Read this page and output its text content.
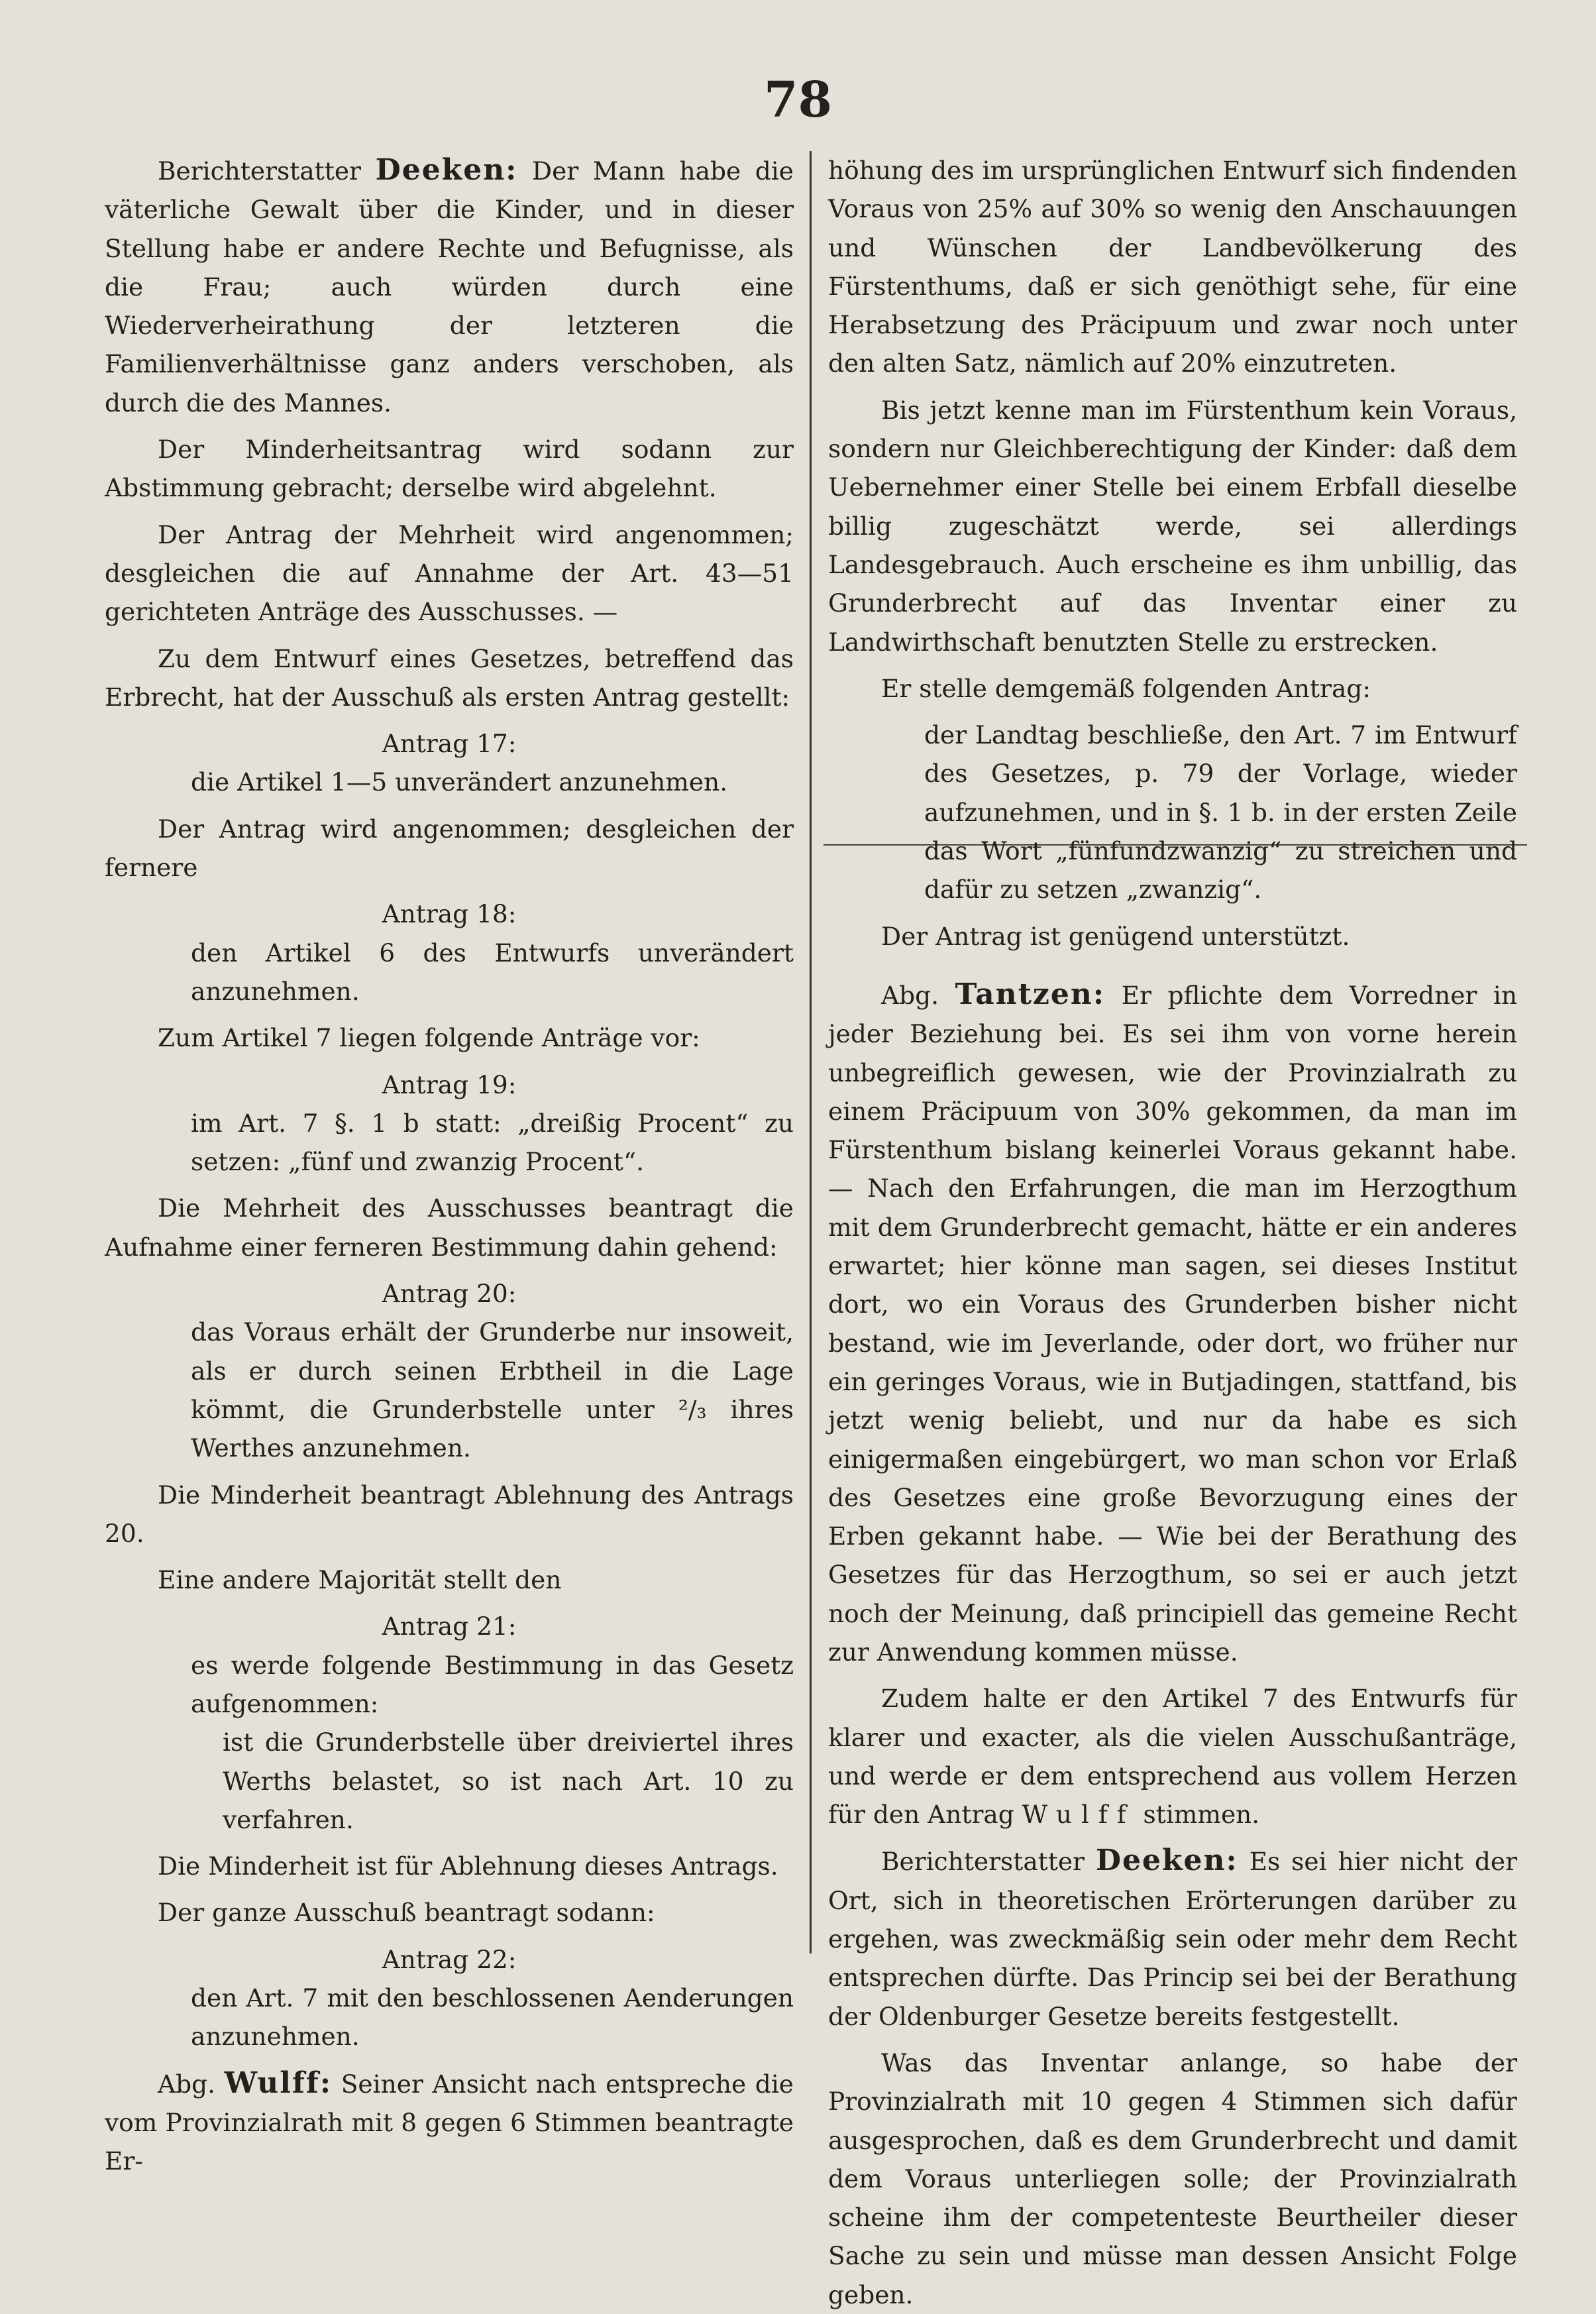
78

Berichterstatter Deeken: Der Mann habe die väterliche Gewalt über die Kinder, und in dieser Stellung habe er andere Rechte und Befugnisse, als die Frau; auch würden durch eine Wiederverheirathung der letzteren die Familienverhältnisse ganz anders verschoben, als durch die des Mannes.

Der Minderheitsantrag wird sodann zur Abstimmung gebracht; derselbe wird abgelehnt.

Der Antrag der Mehrheit wird angenommen; desgleichen die auf Annahme der Art. 43—51 gerichteten Anträge des Ausschusses. —

Zu dem Entwurf eines Gesetzes, betreffend das Erbrecht, hat der Ausschuß als ersten Antrag gestellt:

Antrag 17:

die Artikel 1—5 unverändert anzunehmen.

Der Antrag wird angenommen; desgleichen der fernere

Antrag 18:

den Artikel 6 des Entwurfs unverändert anzunehmen.

Zum Artikel 7 liegen folgende Anträge vor:

Antrag 19:

im Art. 7 §. 1 b statt: „dreißig Procent“ zu setzen: „fünf und zwanzig Procent“.

Die Mehrheit des Ausschusses beantragt die Aufnahme einer ferneren Bestimmung dahin gehend:

Antrag 20:

das Voraus erhält der Grunderbe nur insoweit, als er durch seinen Erbtheil in die Lage kömmt, die Grunderbstelle unter ²/₃ ihres Werthes anzunehmen.

Die Minderheit beantragt Ablehnung des Antrags 20.

Eine andere Majorität stellt den

Antrag 21:

es werde folgende Bestimmung in das Gesetz aufgenommen:

ist die Grunderbstelle über dreiviertel ihres Werths belastet, so ist nach Art. 10 zu verfahren.

Die Minderheit ist für Ablehnung dieses Antrags.

Der ganze Ausschuß beantragt sodann:

Antrag 22:

den Art. 7 mit den beschlossenen Aenderungen anzunehmen.

Abg. Wulff: Seiner Ansicht nach entspreche die vom Provinzialrath mit 8 gegen 6 Stimmen beantragte Er-

höhung des im ursprünglichen Entwurf sich findenden Voraus von 25% auf 30% so wenig den Anschauungen und Wünschen der Landbevölkerung des Fürstenthums, daß er sich genöthigt sehe, für eine Herabsetzung des Präcipuum und zwar noch unter den alten Satz, nämlich auf 20% einzutreten.

Bis jetzt kenne man im Fürstenthum kein Voraus, sondern nur Gleichberechtigung der Kinder: daß dem Uebernehmer einer Stelle bei einem Erbfall dieselbe billig zugeschätzt werde, sei allerdings Landesgebrauch. Auch erscheine es ihm unbillig, das Grunderbrecht auf das Inventar einer zu Landwirthschaft benutzten Stelle zu erstrecken.

Er stelle demgemäß folgenden Antrag:

der Landtag beschließe, den Art. 7 im Entwurf des Gesetzes, p. 79 der Vorlage, wieder aufzunehmen, und in §. 1 b. in der ersten Zeile das Wort „fünfundzwanzig“ zu streichen und dafür zu setzen „zwanzig“.

Der Antrag ist genügend unterstützt.

Abg. Tantzen: Er pflichte dem Vorredner in jeder Beziehung bei. Es sei ihm von vorne herein unbegreiflich gewesen, wie der Provinzialrath zu einem Präcipuum von 30% gekommen, da man im Fürstenthum bislang keinerlei Voraus gekannt habe. — Nach den Erfahrungen, die man im Herzogthum mit dem Grunderbrecht gemacht, hätte er ein anderes erwartet; hier könne man sagen, sei dieses Institut dort, wo ein Voraus des Grunderben bisher nicht bestand, wie im Jeverlande, oder dort, wo früher nur ein geringes Voraus, wie in Butjadingen, stattfand, bis jetzt wenig beliebt, und nur da habe es sich einigermaßen eingebürgert, wo man schon vor Erlaß des Gesetzes eine große Bevorzugung eines der Erben gekannt habe. — Wie bei der Berathung des Gesetzes für das Herzogthum, so sei er auch jetzt noch der Meinung, daß principiell das gemeine Recht zur Anwendung kommen müsse.

Zudem halte er den Artikel 7 des Entwurfs für klarer und exacter, als die vielen Ausschußanträge, und werde er dem entsprechend aus vollem Herzen für den Antrag Wulff stimmen.

Berichterstatter Deeken: Es sei hier nicht der Ort, sich in theoretischen Erörterungen darüber zu ergehen, was zweckmäßig sein oder mehr dem Recht entsprechen dürfte. Das Princip sei bei der Berathung der Oldenburger Gesetze bereits festgestellt.

Was das Inventar anlange, so habe der Provinzialrath mit 10 gegen 4 Stimmen sich dafür ausgesprochen, daß es dem Grunderbrecht und damit dem Voraus unterliegen solle; der Provinzialrath scheine ihm der competenteste Beurtheiler dieser Sache zu sein und müsse man dessen Ansicht Folge geben.
